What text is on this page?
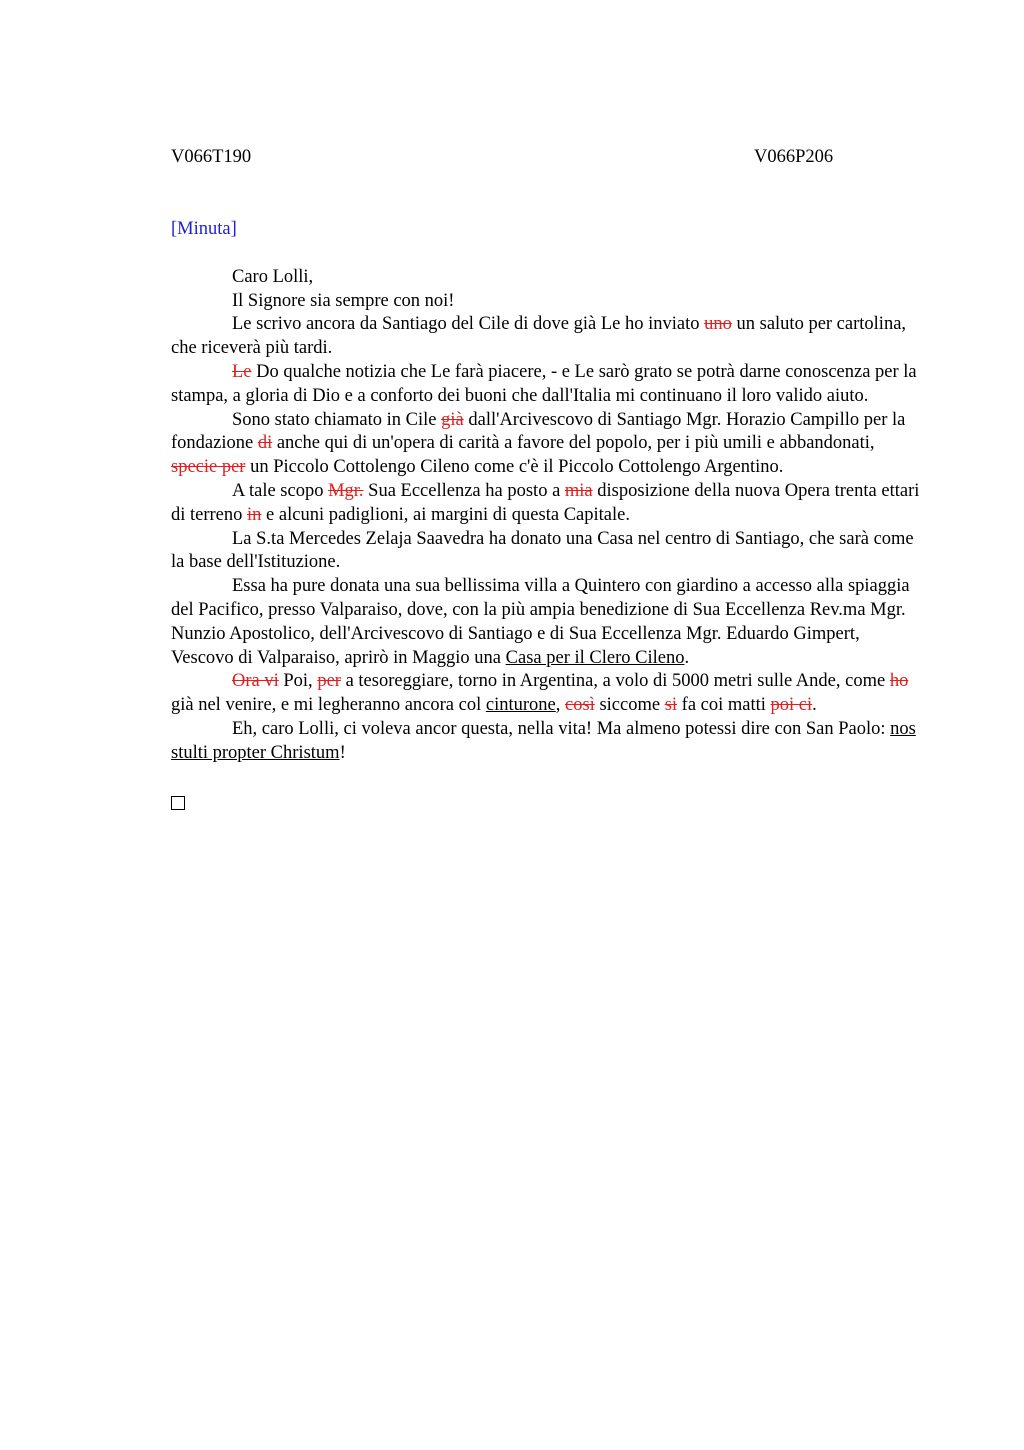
V066T190	V066P206
[Minuta]

Caro Lolli,

Il Signore sia sempre con noi!

Le scrivo ancora da Santiago del Cile di dove già Le ho inviato uno un saluto per cartolina, che riceverà più tardi.

Le Do qualche notizia che Le farà piacere, - e Le sarò grato se potrà darne conoscenza per la stampa, a gloria di Dio e a conforto dei buoni che dall'Italia mi continuano il loro valido aiuto.

Sono stato chiamato in Cile già dall'Arcivescovo di Santiago Mgr. Horazio Campillo per la fondazione di anche qui di un'opera di carità a favore del popolo, per i più umili e abbandonati, specie per un Piccolo Cottolengo Cileno come c'è il Piccolo Cottolengo Argentino.

A tale scopo Mgr. Sua Eccellenza ha posto a mia disposizione della nuova Opera trenta ettari di terreno in e alcuni padiglioni, ai margini di questa Capitale.

La S.ta Mercedes Zelaja Saavedra ha donato una Casa nel centro di Santiago, che sarà come la base dell'Istituzione.

Essa ha pure donata una sua bellissima villa a Quintero con giardino a accesso alla spiaggia del Pacifico, presso Valparaiso, dove, con la più ampia benedizione di Sua Eccellenza Rev.ma Mgr. Nunzio Apostolico, dell'Arcivescovo di Santiago e di Sua Eccellenza Mgr. Eduardo Gimpert, Vescovo di Valparaiso, aprirò in Maggio una Casa per il Clero Cileno.

Ora vi Poi, per a tesoreggiare, torno in Argentina, a volo di 5000 metri sulle Ande, come ho già nel venire, e mi legheranno ancora col cinturone, così siccome si fa coi matti poi ci.

Eh, caro Lolli, ci voleva ancor questa, nella vita! Ma almeno potessi dire con San Paolo: nos stulti propter Christum!
